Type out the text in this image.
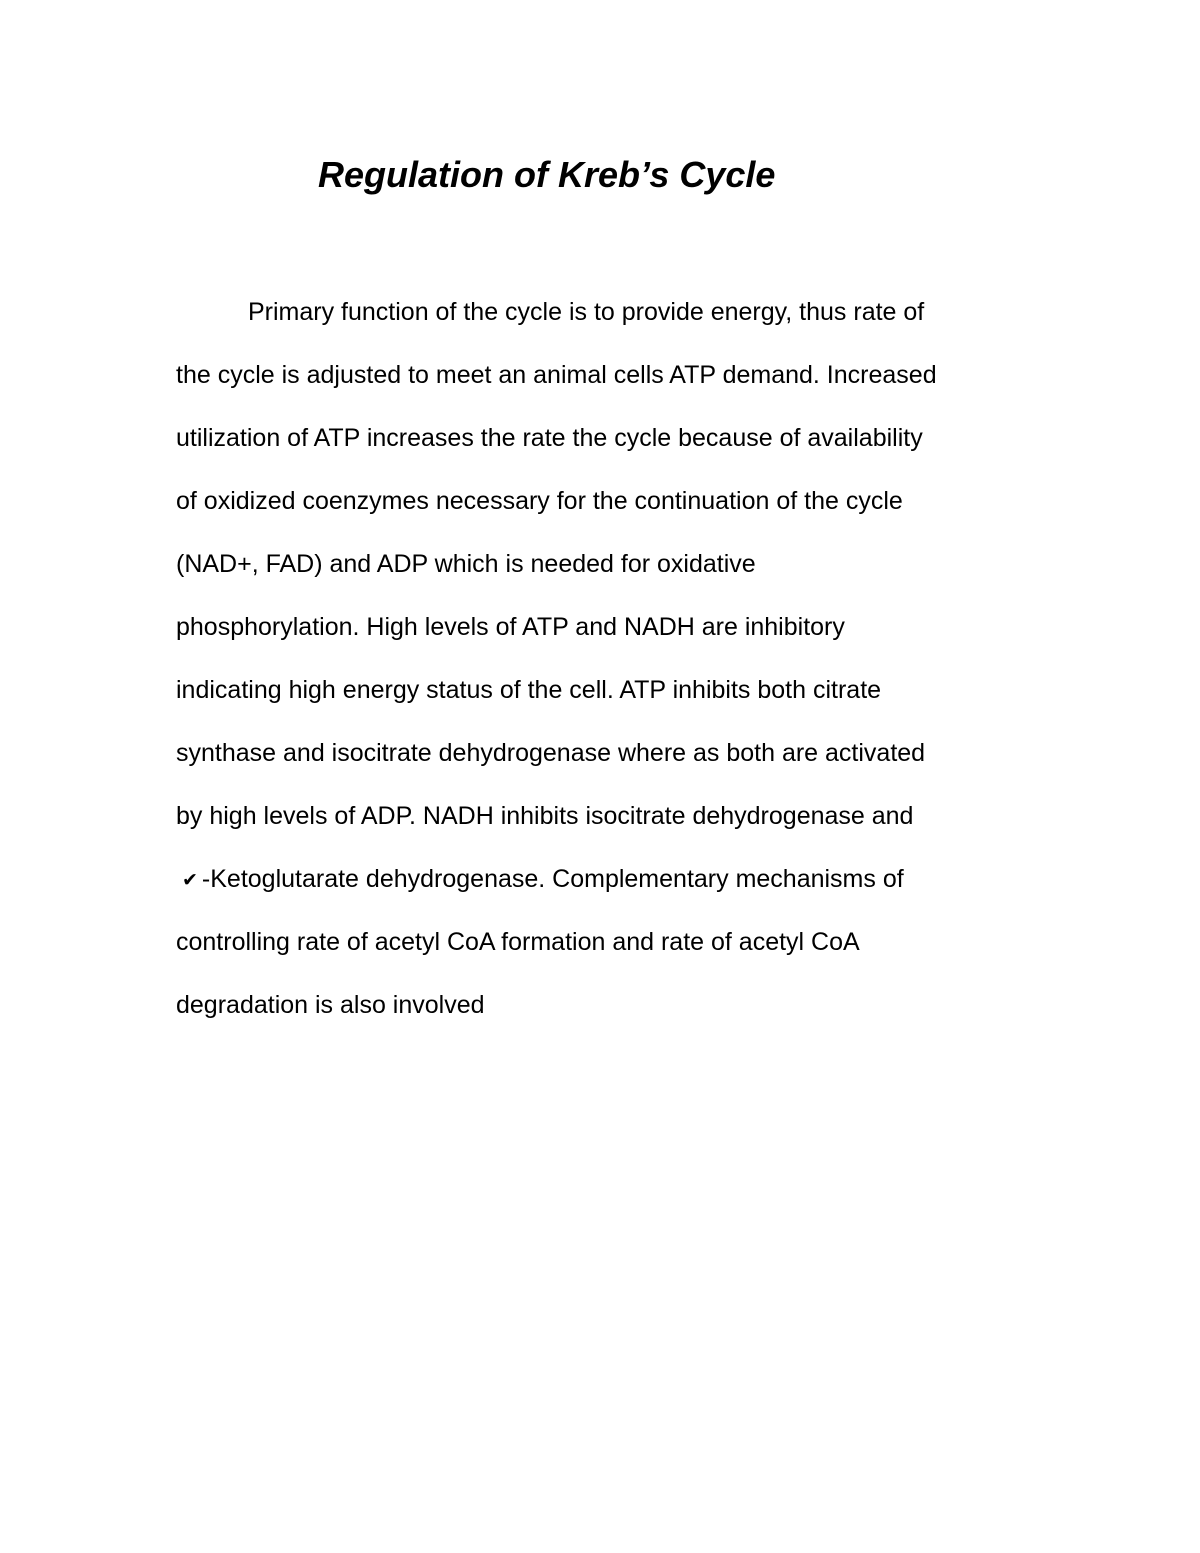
Regulation of Kreb’s Cycle

Primary function of the cycle is to provide energy, thus rate of

the cycle is adjusted to meet an animal cells ATP demand. Increased

utilization of ATP increases the rate the cycle because of availability

of oxidized coenzymes necessary for the continuation of the cycle

(NAD+, FAD) and ADP which is needed for oxidative

phosphorylation. High levels of ATP and NADH are inhibitory

indicating high energy status of the cell. ATP inhibits both citrate

synthase and isocitrate dehydrogenase where as both are activated

by high levels of ADP. NADH inhibits isocitrate dehydrogenase and

✔ -Ketoglutarate dehydrogenase. Complementary mechanisms of

controlling rate of acetyl CoA formation and rate of acetyl CoA

degradation is also involved
